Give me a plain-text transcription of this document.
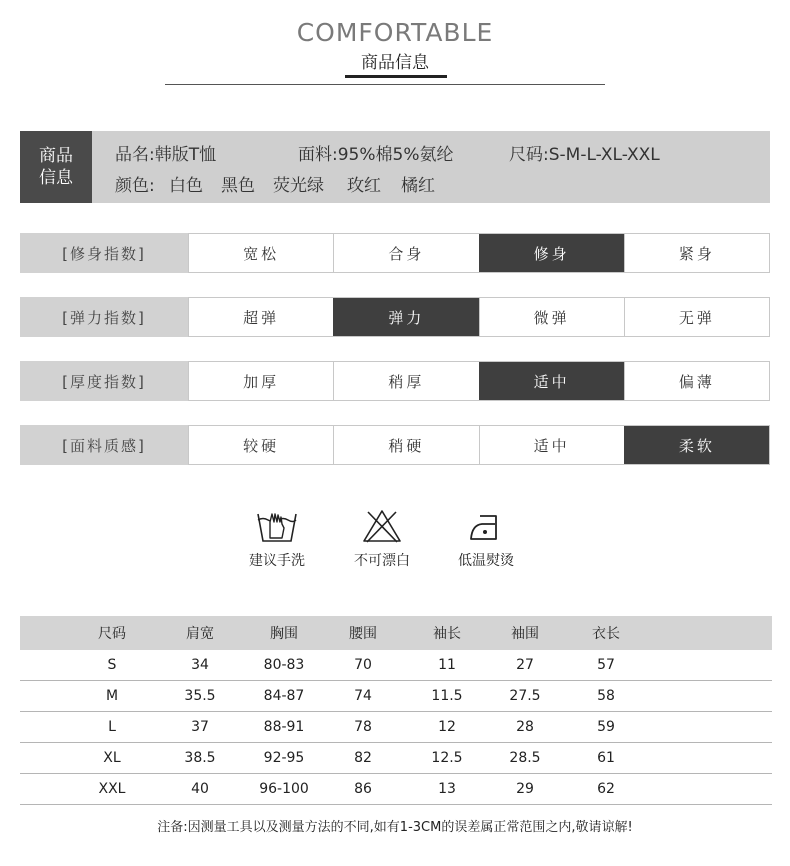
COMFORTABLE
商品信息
商品
信息
品名:韩版T恤	面料:95%棉5%氨纶	尺码:S-M-L-XL-XXL
颜色: 白色 黑色 荧光绿 玫红 橘红
[修身指数]	宽松	合身	修身	紧身
[弹力指数]	超弹	弹力	微弹	无弹
[厚度指数]	加厚	稍厚	适中	偏薄
[面料质感]	较硬	稍硬	适中	柔软
建议手洗	不可漂白	低温熨烫
尺码	肩宽	胸围	腰围	袖长	袖围	衣长
S	34	80-83	70	11	27	57
M	35.5	84-87	74	11.5	27.5	58
L	37	88-91	78	12	28	59
XL	38.5	92-95	82	12.5	28.5	61
XXL	40	96-100	86	13	29	62
注备:因测量工具以及测量方法的不同,如有1-3CM的误差属正常范围之内,敬请谅解!
